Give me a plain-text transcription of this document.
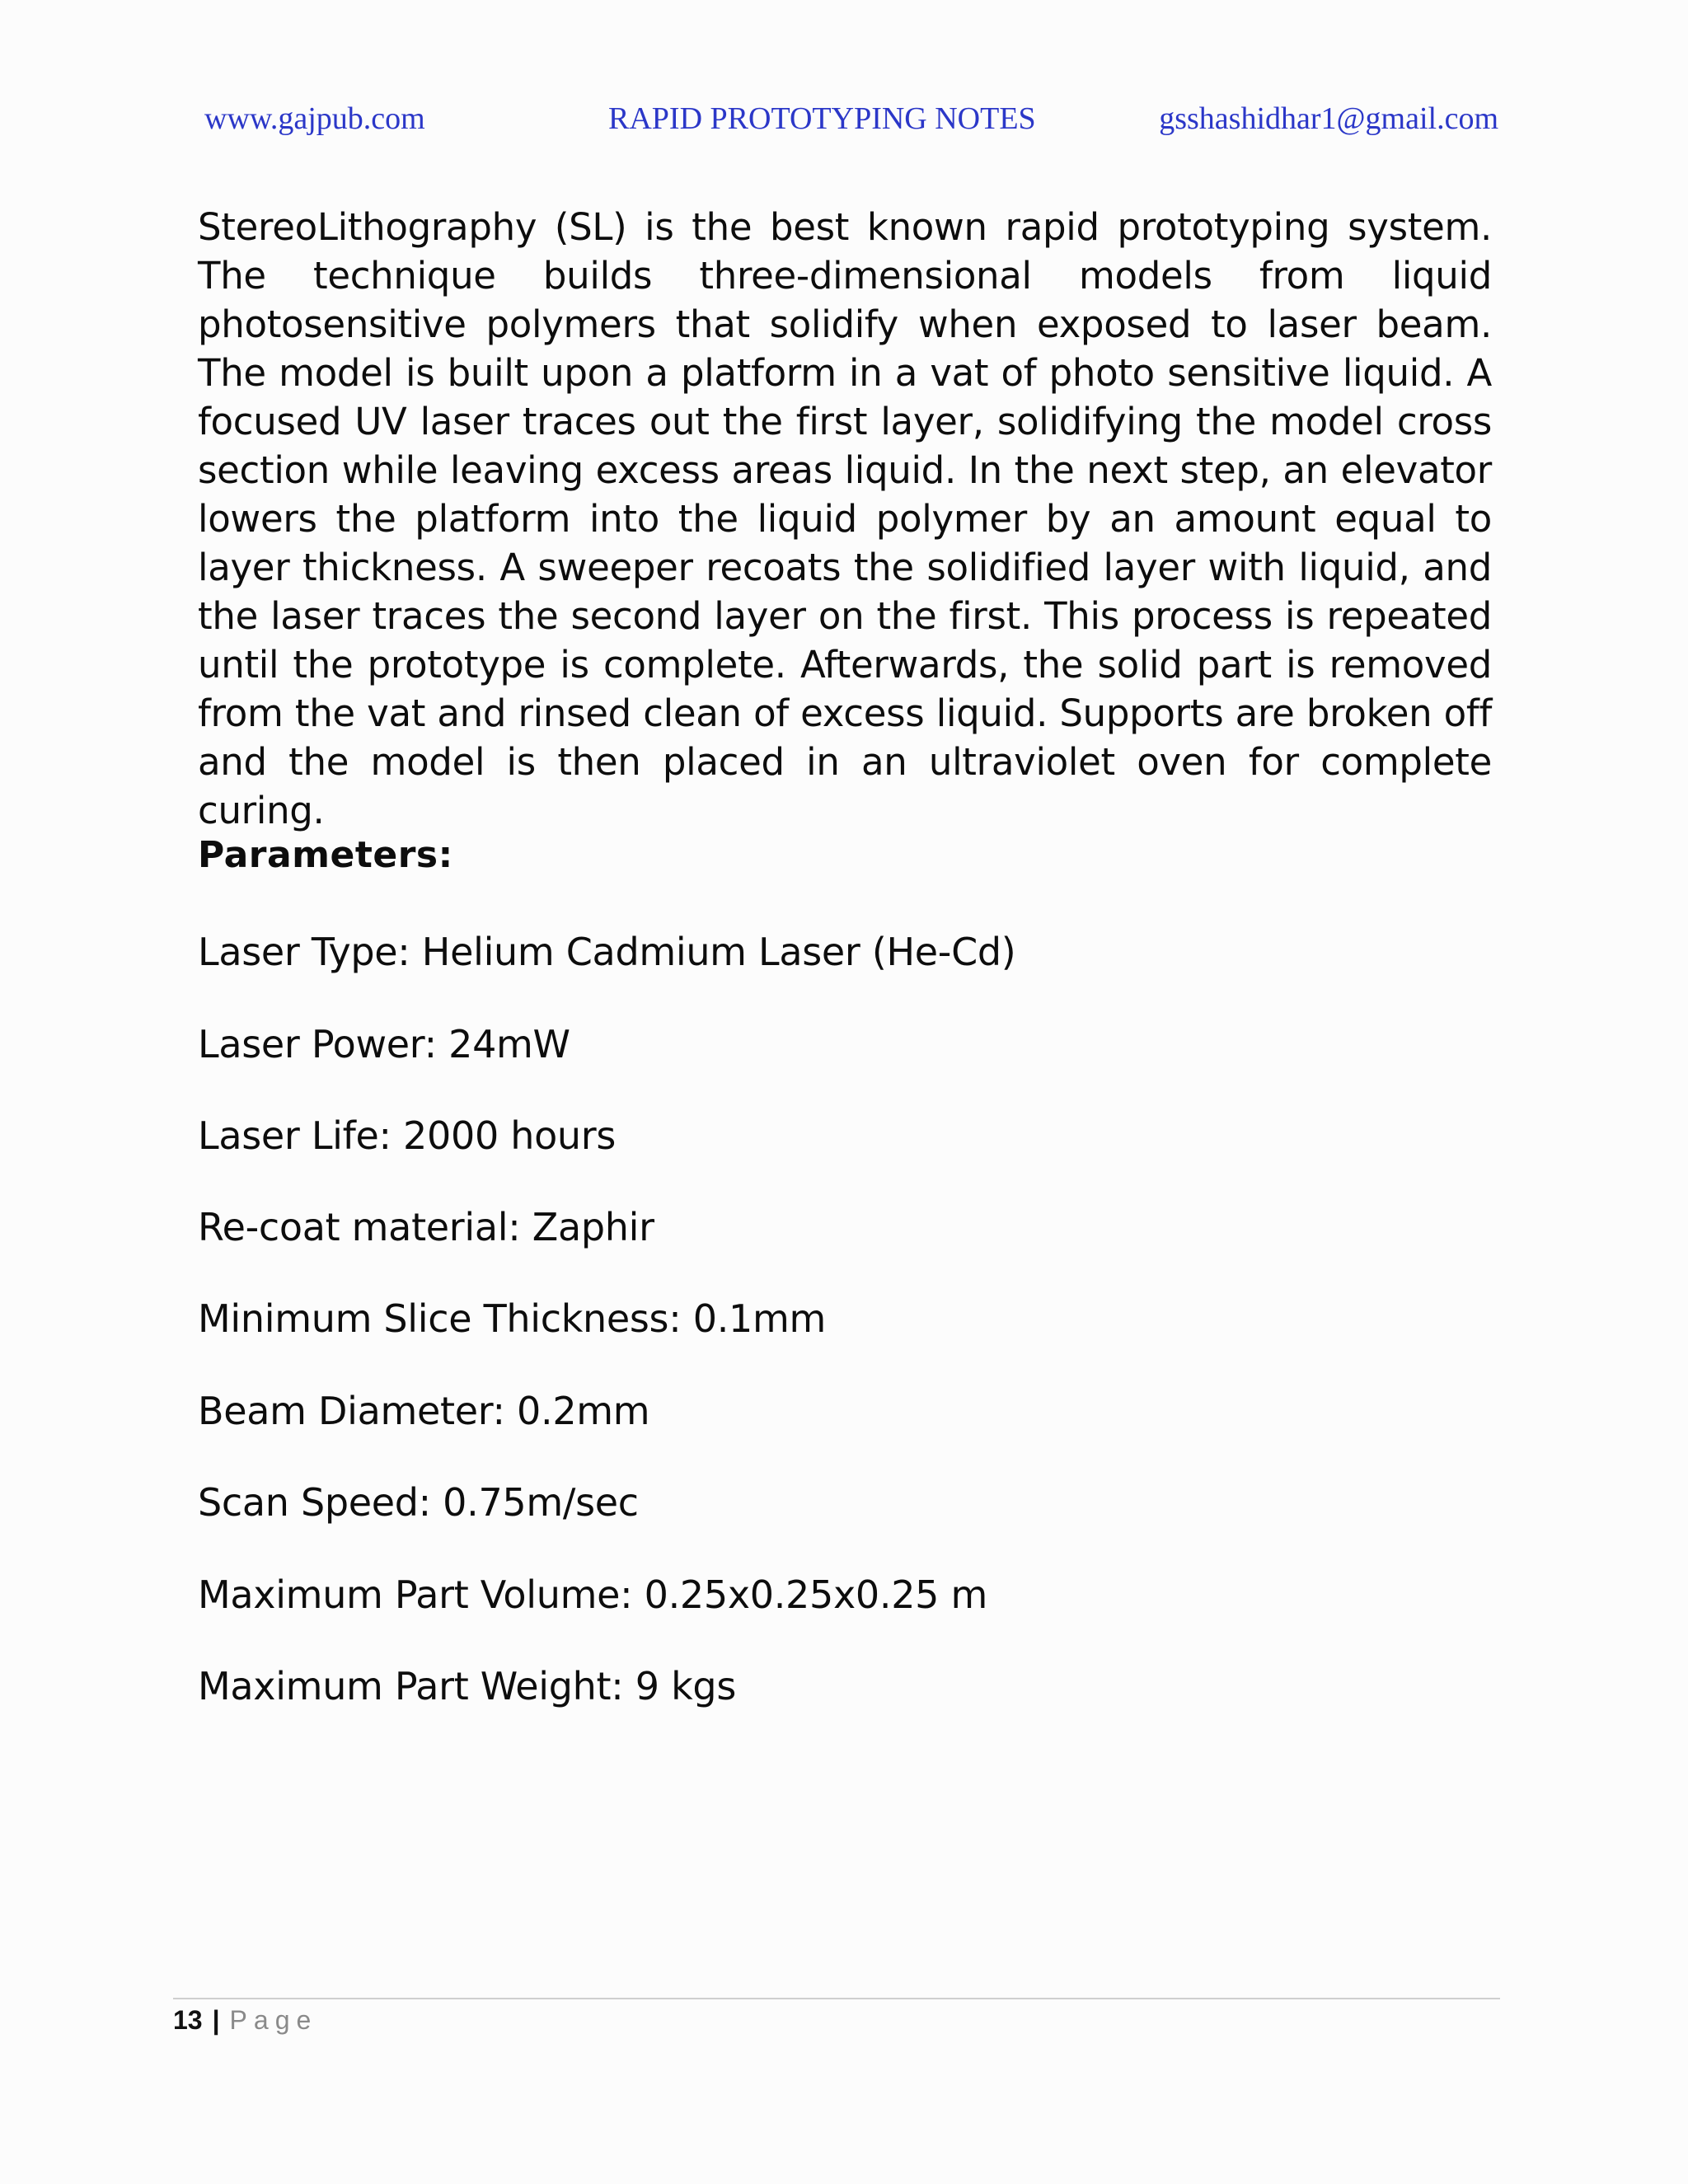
www.gajpub.com	RAPID PROTOTYPING NOTES	gsshashidhar1@gmail.com

StereoLithography (SL) is the best known rapid prototyping system. The technique builds three-dimensional models from liquid photosensitive polymers that solidify when exposed to laser beam. The model is built upon a platform in a vat of photo sensitive liquid. A focused UV laser traces out the first layer, solidifying the model cross section while leaving excess areas liquid. In the next step, an elevator lowers the platform into the liquid polymer by an amount equal to layer thickness. A sweeper recoats the solidified layer with liquid, and the laser traces the second layer on the first. This process is repeated until the prototype is complete. Afterwards, the solid part is removed from the vat and rinsed clean of excess liquid. Supports are broken off and the model is then placed in an ultraviolet oven for complete curing.

Parameters:

Laser Type: Helium Cadmium Laser (He-Cd)

Laser Power: 24mW

Laser Life: 2000 hours

Re-coat material: Zaphir

Minimum Slice Thickness: 0.1mm

Beam Diameter: 0.2mm

Scan Speed: 0.75m/sec

Maximum Part Volume: 0.25x0.25x0.25 m

Maximum Part Weight: 9 kgs

13 | Page
